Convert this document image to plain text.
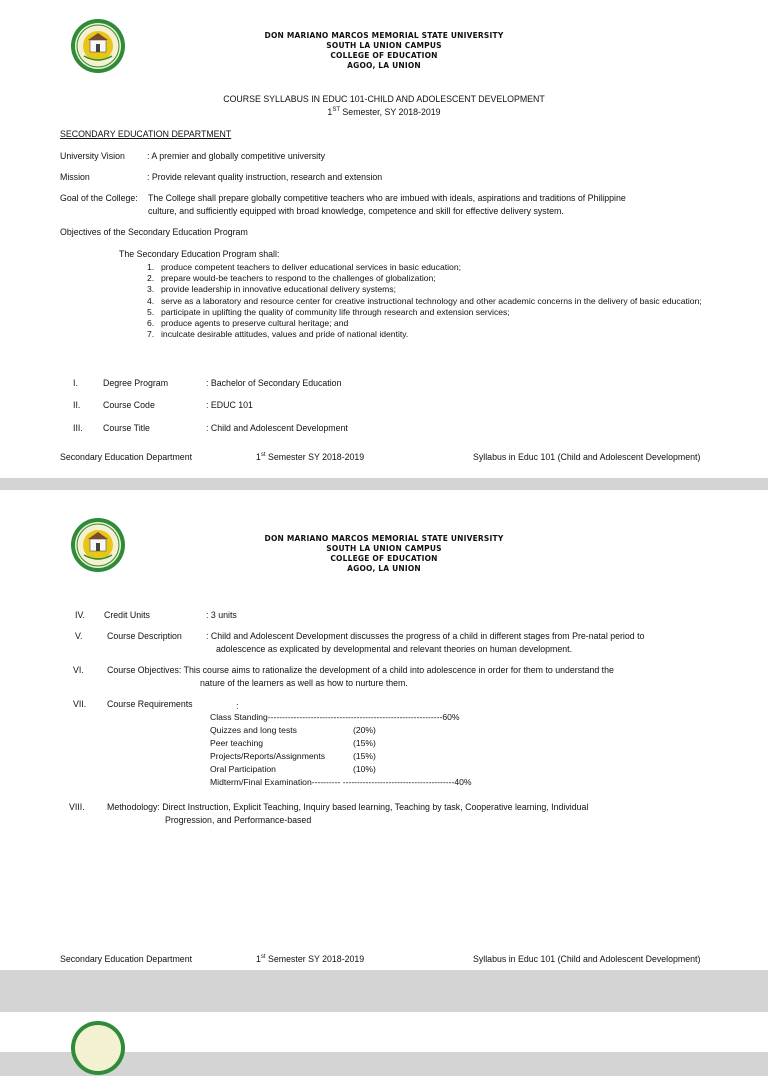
DON MARIANO MARCOS MEMORIAL STATE UNIVERSITY
SOUTH LA UNION CAMPUS
COLLEGE OF EDUCATION
AGOO, LA UNION
COURSE SYLLABUS IN EDUC 101-CHILD AND ADOLESCENT DEVELOPMENT
1ST Semester, SY 2018-2019
SECONDARY EDUCATION DEPARTMENT
University Vision	: A premier and globally competitive university
Mission	: Provide relevant quality instruction, research and extension
Goal of the College: The College shall prepare globally competitive teachers who are imbued with ideals, aspirations and traditions of Philippine
culture, and sufficiently equipped with broad knowledge, competence and skill for effective delivery system.
Objectives of the Secondary Education Program
The Secondary Education Program shall:
1. produce competent teachers to deliver educational services in basic education;
2. prepare would-be teachers to respond to the challenges of globalization;
3. provide leadership in innovative educational delivery systems;
4. serve as a laboratory and resource center for creative instructional technology and other academic concerns in the delivery of basic education;
5. participate in uplifting the quality of community life through research and extension services;
6. produce agents to preserve cultural heritage; and
7. inculcate desirable attitudes, values and pride of national identity.
I.	Degree Program	: Bachelor of Secondary Education
II.	Course Code	: EDUC 101
III. Course Title	: Child and Adolescent Development
Secondary Education Department	1st Semester SY 2018-2019	Syllabus in Educ 101 (Child and Adolescent Development)
DON MARIANO MARCOS MEMORIAL STATE UNIVERSITY
SOUTH LA UNION CAMPUS
COLLEGE OF EDUCATION
AGOO, LA UNION
IV. Credit Units	: 3 units
V.	Course Description	: Child and Adolescent Development discusses the progress of a child in different stages from Pre-natal period to
adolescence as explicated by developmental and relevant theories on human development.
VI.	Course Objectives: This course aims to rationalize the development of a child into adolescence in order for them to understand the
nature of the learners as well as how to nurture them.
VII. Course Requirements	:
Class Standing-------------------------------------------------------------60%
Quizzes and long tests	(20%)
Peer teaching	(15%)
Projects/Reports/Assignments	(15%)
Oral Participation	(10%)
Midterm/Final Examination---------- ---------------------------------------40%
VIII.	Methodology: Direct Instruction, Explicit Teaching, Inquiry based learning, Teaching by task, Cooperative learning, Individual
Progression, and Performance-based
Secondary Education Department	1st Semester SY 2018-2019	Syllabus in Educ 101 (Child and Adolescent Development)
